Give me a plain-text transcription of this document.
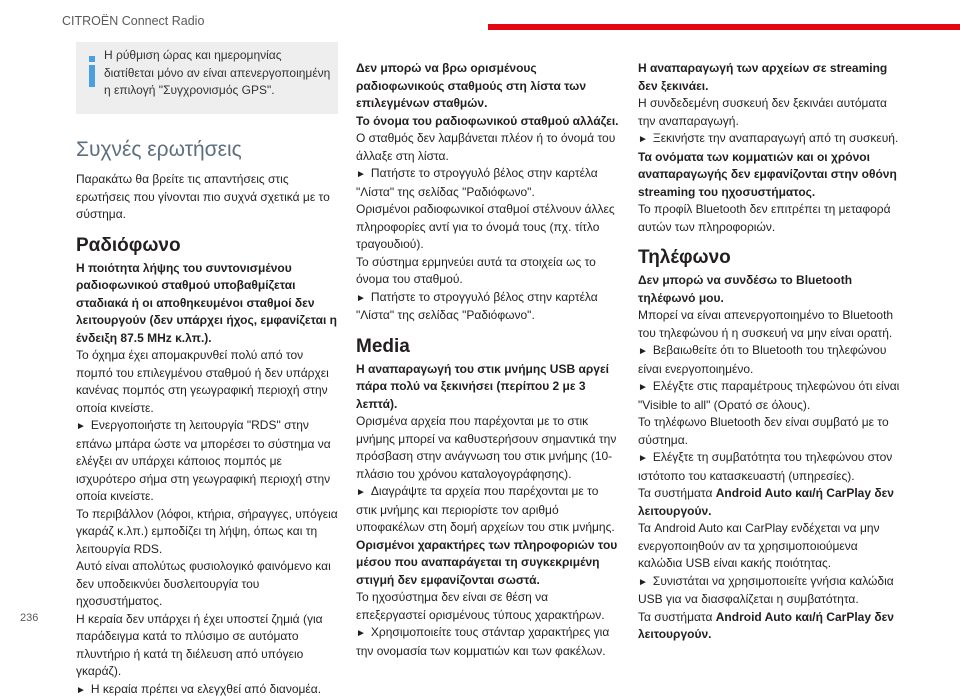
CITROËN Connect Radio
Η ρύθμιση ώρας και ημερομηνίας διατίθεται μόνο αν είναι απενεργοποιημένη η επιλογή "Συγχρονισμός GPS".

Συχνές ερωτήσεις

Παρακάτω θα βρείτε τις απαντήσεις στις ερωτήσεις που γίνονται πιο συχνά σχετικά με το σύστημα.

Ραδιόφωνο

Η ποιότητα λήψης του συντονισμένου ραδιοφωνικού σταθμού υποβαθμίζεται σταδιακά ή οι αποθηκευμένοι σταθμοί δεν λειτουργούν (δεν υπάρχει ήχος, εμφανίζεται η ένδειξη 87.5 MHz κ.λπ.).

Το όχημα έχει απομακρυνθεί πολύ από τον πομπό του επιλεγμένου σταθμού ή δεν υπάρχει κανένας πομπός στη γεωγραφική περιοχή στην οποία κινείστε.

► Ενεργοποιήστε τη λειτουργία "RDS" στην επάνω μπάρα ώστε να μπορέσει το σύστημα να ελέγξει αν υπάρχει κάποιος πομπός με ισχυρότερο σήμα στη γεωγραφική περιοχή στην οποία κινείστε.

Το περιβάλλον (λόφοι, κτήρια, σήραγγες, υπόγεια γκαράζ κ.λπ.) εμποδίζει τη λήψη, όπως και τη λειτουργία RDS.

Αυτό είναι απολύτως φυσιολογικό φαινόμενο και δεν υποδεικνύει δυσλειτουργία του ηχοσυστήματος.

Η κεραία δεν υπάρχει ή έχει υποστεί ζημιά (για παράδειγμα κατά το πλύσιμο σε αυτόματο πλυντήριο ή κατά τη διέλευση από υπόγειο γκαράζ).

► Η κεραία πρέπει να ελεγχθεί από διανομέα.

Δεν μπορώ να βρω ορισμένους ραδιοφωνικούς σταθμούς στη λίστα των επιλεγμένων σταθμών.

Το όνομα του ραδιοφωνικού σταθμού αλλάζει.

Ο σταθμός δεν λαμβάνεται πλέον ή το όνομά του άλλαξε στη λίστα.

► Πατήστε το στρογγυλό βέλος στην καρτέλα "Λίστα" της σελίδας "Ραδιόφωνο".

Ορισμένοι ραδιοφωνικοί σταθμοί στέλνουν άλλες πληροφορίες αντί για το όνομά τους (πχ. τίτλο τραγουδιού).

Το σύστημα ερμηνεύει αυτά τα στοιχεία ως το όνομα του σταθμού.

► Πατήστε το στρογγυλό βέλος στην καρτέλα "Λίστα" της σελίδας "Ραδιόφωνο".

Media

Η αναπαραγωγή του στικ μνήμης USB αργεί πάρα πολύ να ξεκινήσει (περίπου 2 με 3 λεπτά).

Ορισμένα αρχεία που παρέχονται με το στικ μνήμης μπορεί να καθυστερήσουν σημαντικά την πρόσβαση στην ανάγνωση του στικ μνήμης (10-πλάσιο του χρόνου καταλογογράφησης).

► Διαγράψτε τα αρχεία που παρέχονται με το στικ μνήμης και περιορίστε τον αριθμό υποφακέλων στη δομή αρχείων του στικ μνήμης.

Ορισμένοι χαρακτήρες των πληροφοριών του μέσου που αναπαράγεται τη συγκεκριμένη στιγμή δεν εμφανίζονται σωστά.

Το ηχοσύστημα δεν είναι σε θέση να επεξεργαστεί ορισμένους τύπους χαρακτήρων.

► Χρησιμοποιείτε τους στάνταρ χαρακτήρες για την ονομασία των κομματιών και των φακέλων.

Η αναπαραγωγή των αρχείων σε streaming δεν ξεκινάει.

Η συνδεδεμένη συσκευή δεν ξεκινάει αυτόματα την αναπαραγωγή.

► Ξεκινήστε την αναπαραγωγή από τη συσκευή.

Τα ονόματα των κομματιών και οι χρόνοι αναπαραγωγής δεν εμφανίζονται στην οθόνη streaming του ηχοσυστήματος.

Το προφίλ Bluetooth δεν επιτρέπει τη μεταφορά αυτών των πληροφοριών.

Τηλέφωνο

Δεν μπορώ να συνδέσω το Bluetooth τηλέφωνό μου.

Μπορεί να είναι απενεργοποιημένο το Bluetooth του τηλεφώνου ή η συσκευή να μην είναι ορατή.

► Βεβαιωθείτε ότι το Bluetooth του τηλεφώνου είναι ενεργοποιημένο.

► Ελέγξτε στις παραμέτρους τηλεφώνου ότι είναι "Visible to all" (Ορατό σε όλους).

Το τηλέφωνο Bluetooth δεν είναι συμβατό με το σύστημα.

► Ελέγξτε τη συμβατότητα του τηλεφώνου στον ιστότοπο του κατασκευαστή (υπηρεσίες).

Τα συστήματα Android Auto και/ή CarPlay δεν λειτουργούν.

Τα Android Auto και CarPlay ενδέχεται να μην ενεργοποιηθούν αν τα χρησιμοποιούμενα καλώδια USB είναι κακής ποιότητας.

► Συνιστάται να χρησιμοποιείτε γνήσια καλώδια USB για να διασφαλίζεται η συμβατότητα.

Τα συστήματα Android Auto και/ή CarPlay δεν λειτουργούν.

236
